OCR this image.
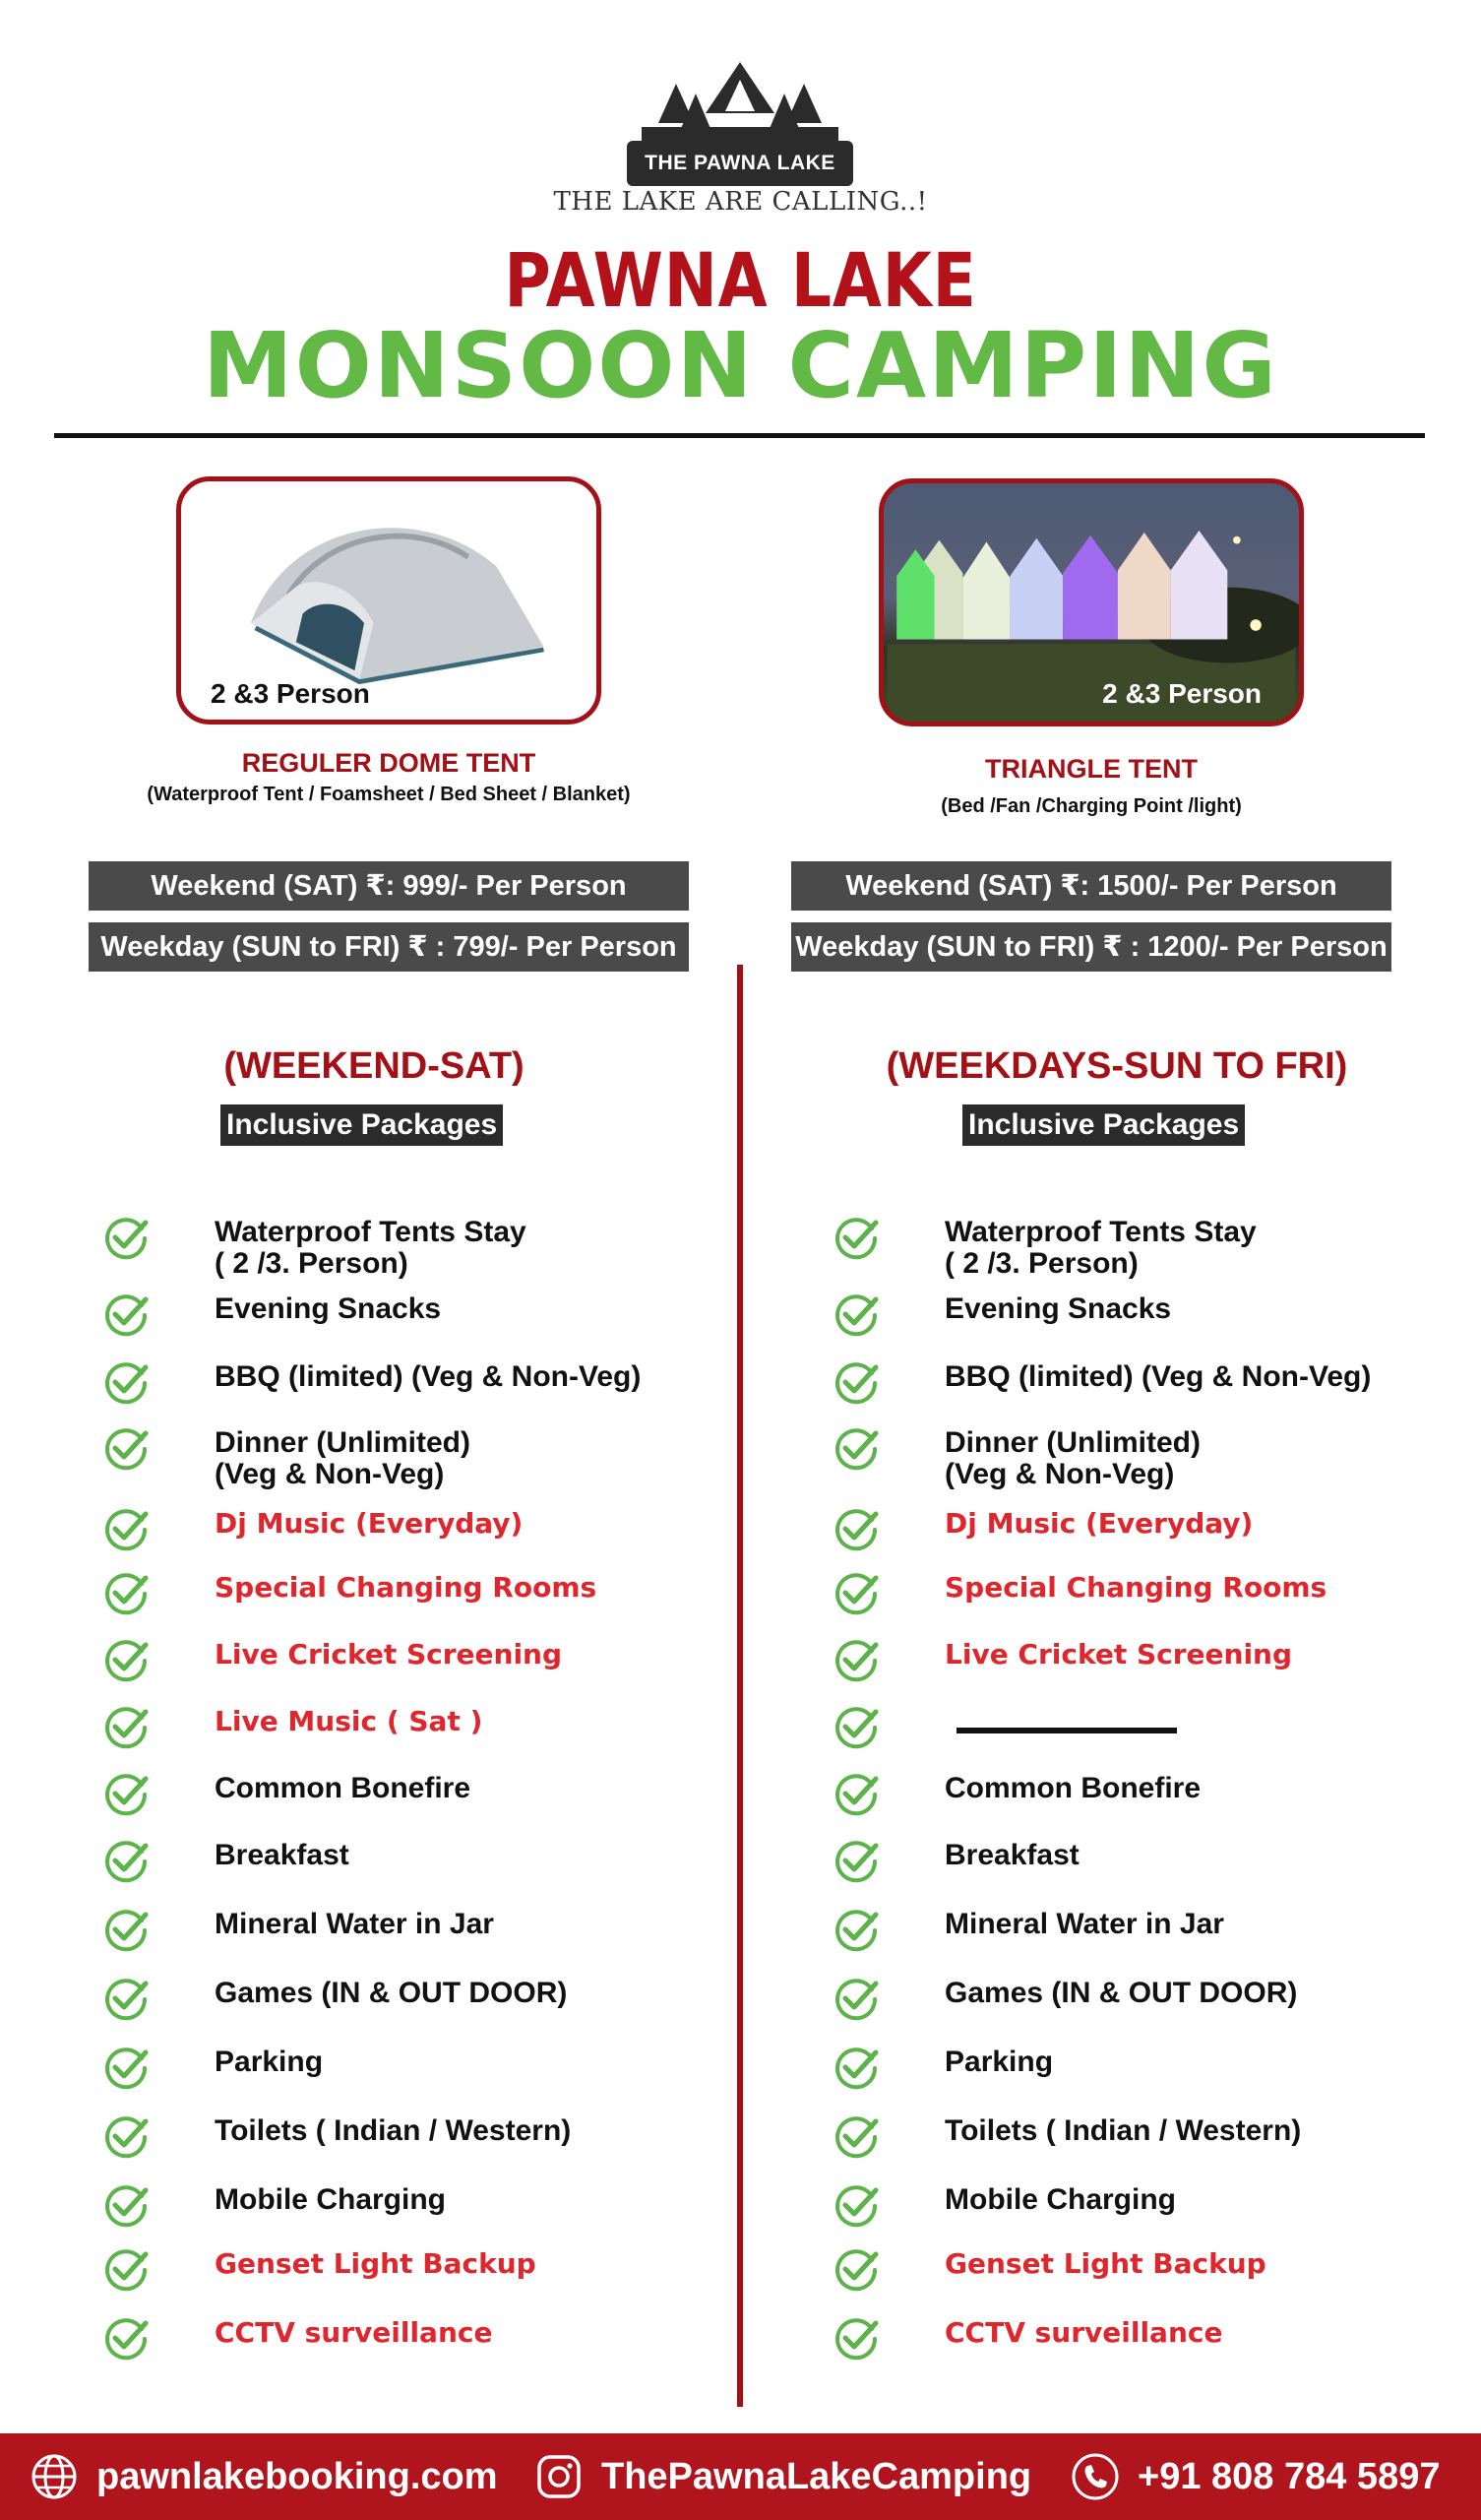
THE PAWNA LAKE
THE LAKE ARE CALLING..!
PAWNA LAKE
MONSOON CAMPING
2 &3 Person
REGULER DOME TENT
(Waterproof Tent / Foamsheet / Bed Sheet / Blanket)
Weekend (SAT) ₹: 999/- Per Person
Weekday (SUN to FRI) ₹ : 799/- Per Person
2 &3 Person
TRIANGLE TENT
(Bed /Fan /Charging Point /light)
Weekend (SAT) ₹: 1500/- Per Person
Weekday (SUN to FRI) ₹ : 1200/- Per Person
(WEEKEND-SAT)
Inclusive Packages
(WEEKDAYS-SUN TO FRI)
Inclusive Packages
Waterproof Tents Stay
( 2 /3. Person)
Evening Snacks
BBQ (limited) (Veg & Non-Veg)
Dinner (Unlimited)
(Veg & Non-Veg)
Dj Music (Everyday)
Special Changing Rooms
Live Cricket Screening
Live Music ( Sat )
Common Bonefire
Breakfast
Mineral Water in Jar
Games (IN & OUT DOOR)
Parking
Toilets ( Indian / Western)
Mobile Charging
Genset Light Backup
CCTV surveillance
Waterproof Tents Stay
( 2 /3. Person)
Evening Snacks
BBQ (limited) (Veg & Non-Veg)
Dinner (Unlimited)
(Veg & Non-Veg)
Dj Music (Everyday)
Special Changing Rooms
Live Cricket Screening
Common Bonefire
Breakfast
Mineral Water in Jar
Games (IN & OUT DOOR)
Parking
Toilets ( Indian / Western)
Mobile Charging
Genset Light Backup
CCTV surveillance
pawnlakebooking.com	ThePawnaLakeCamping	+91 808 784 5897
